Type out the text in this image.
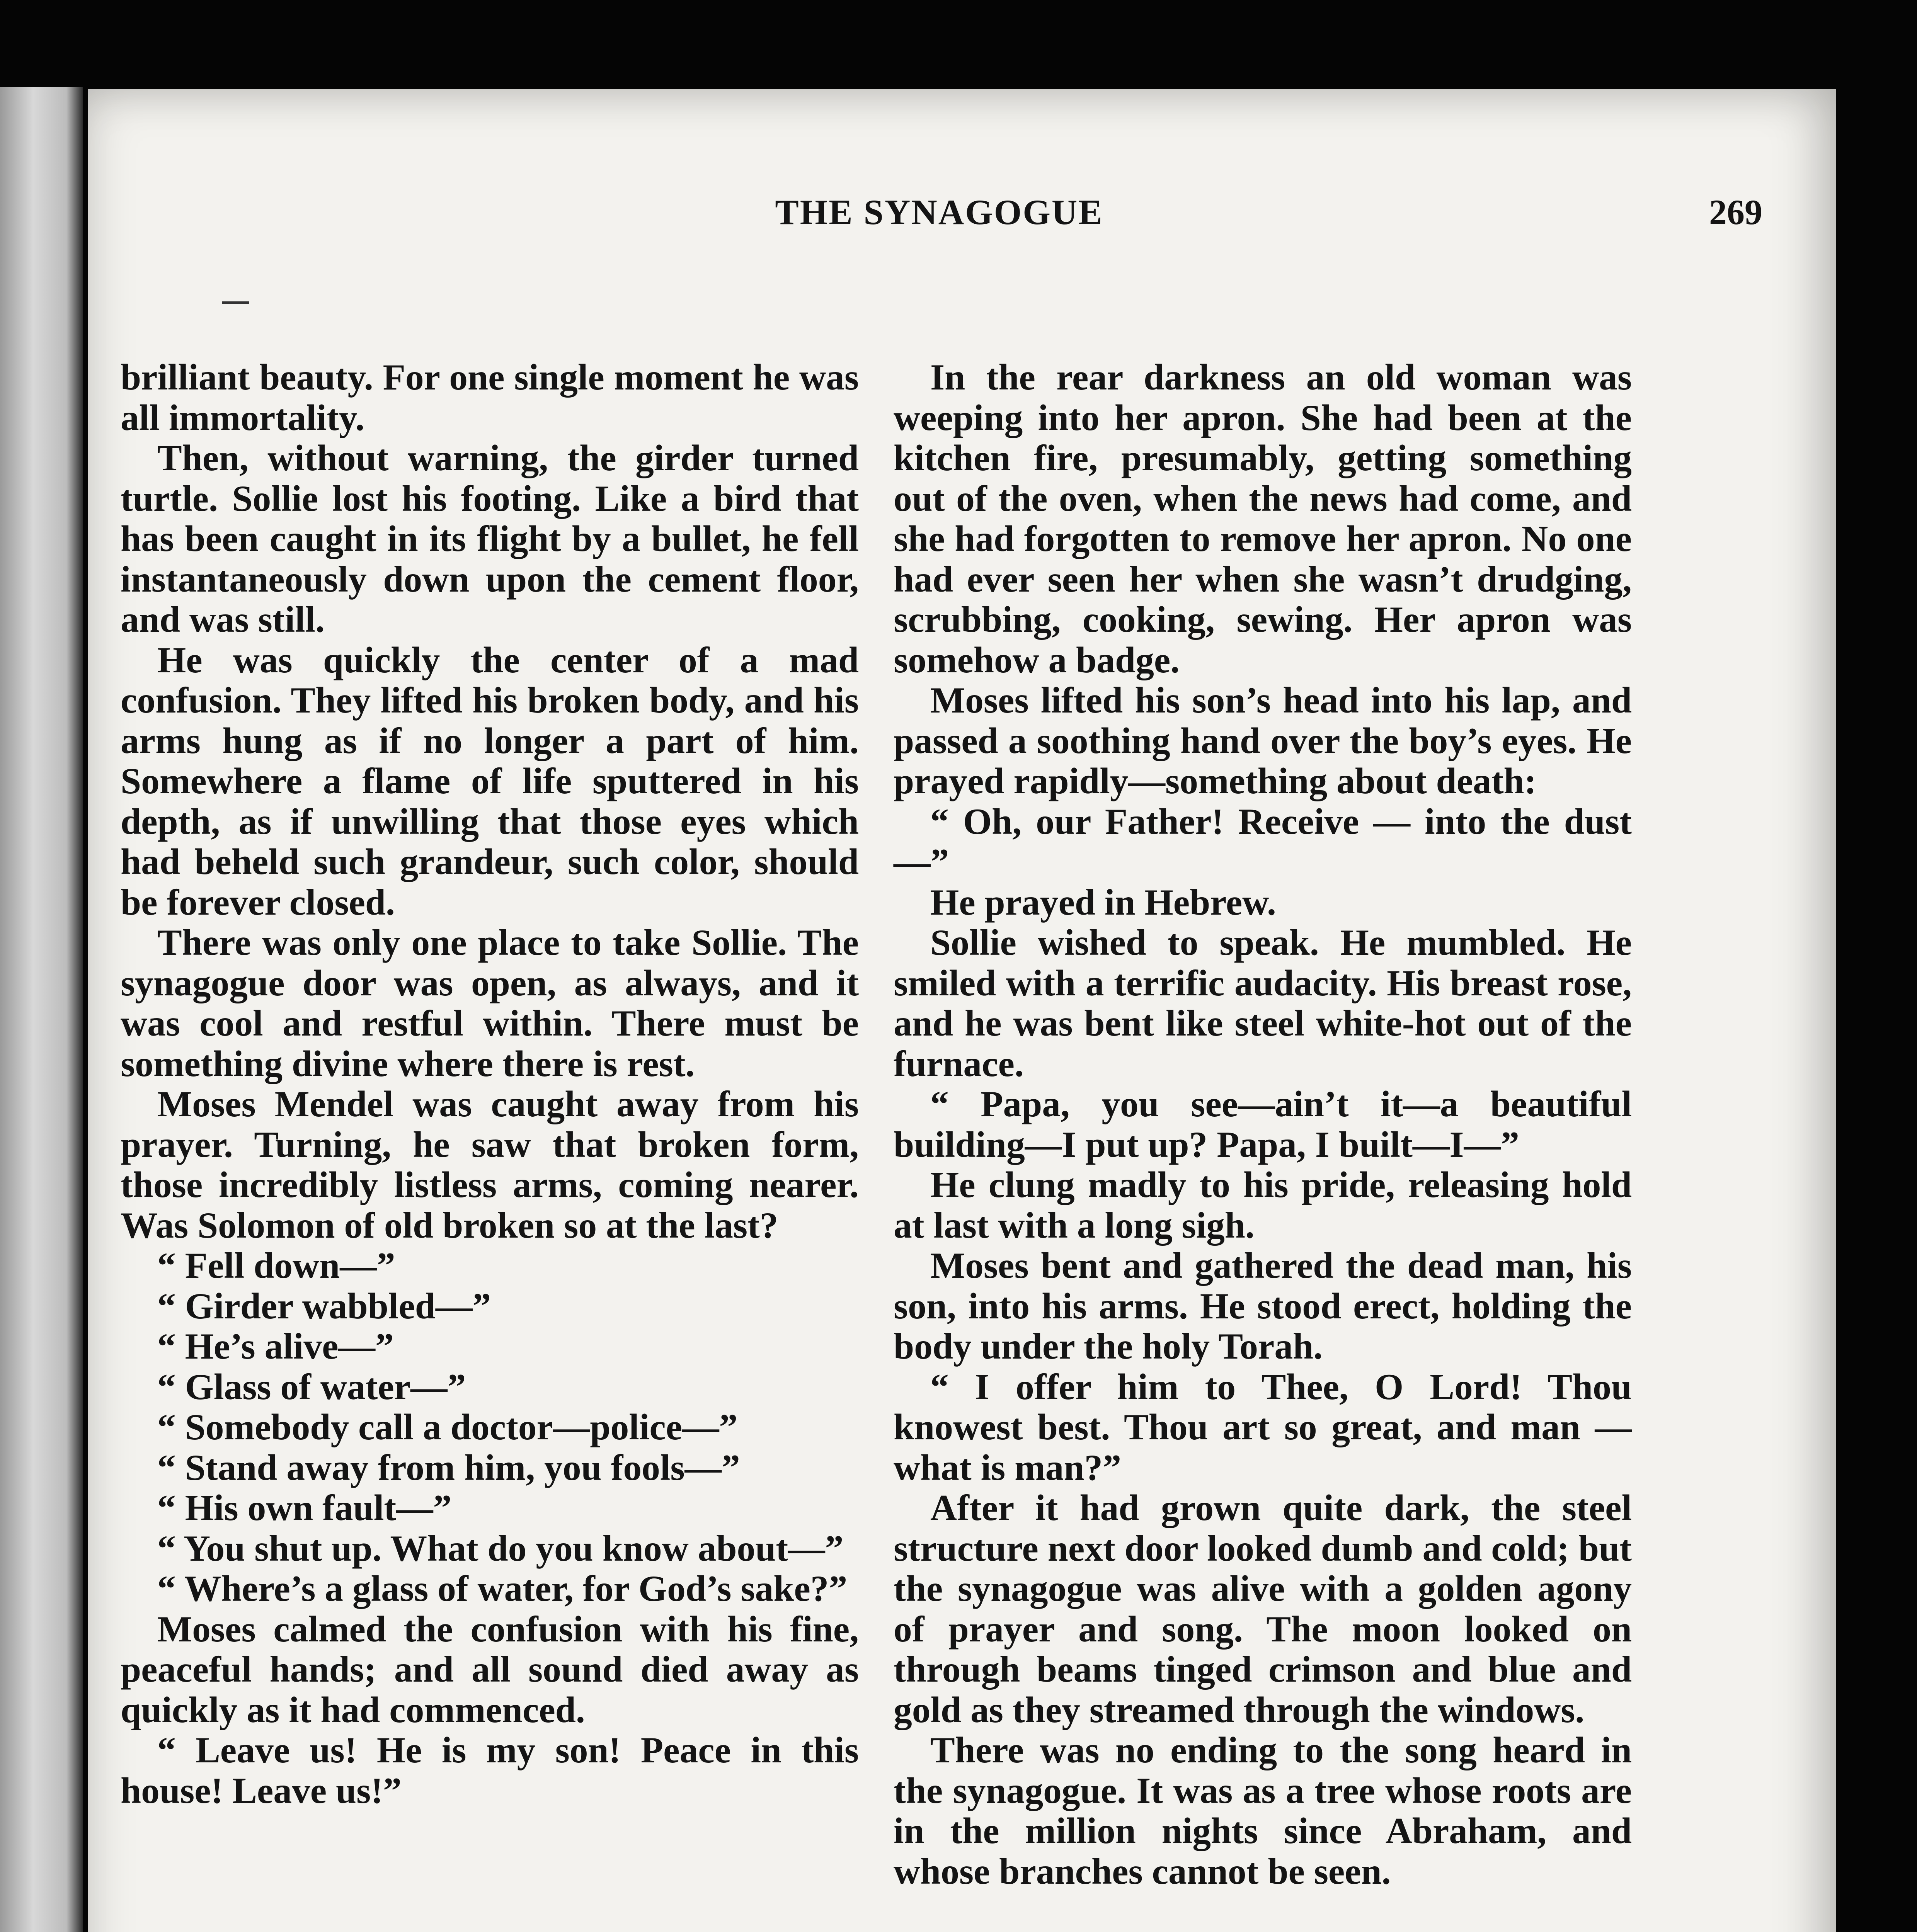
THE SYNAGOGUE	269

brilliant beauty. For one single moment he was all immortality.

Then, without warning, the girder turned turtle. Sollie lost his footing. Like a bird that has been caught in its flight by a bullet, he fell instantaneously down upon the cement floor, and was still.

He was quickly the center of a mad confusion. They lifted his broken body, and his arms hung as if no longer a part of him. Somewhere a flame of life sputtered in his depth, as if unwilling that those eyes which had beheld such grandeur, such color, should be forever closed.

There was only one place to take Sollie. The synagogue door was open, as always, and it was cool and restful within. There must be something divine where there is rest.

Moses Mendel was caught away from his prayer. Turning, he saw that broken form, those incredibly listless arms, coming nearer. Was Solomon of old broken so at the last?

“ Fell down—”

“ Girder wabbled—”

“ He’s alive—”

“ Glass of water—”

“ Somebody call a doctor—police—”

“ Stand away from him, you fools—”

“ His own fault—”

“ You shut up. What do you know about—”

“ Where’s a glass of water, for God’s sake?”

Moses calmed the confusion with his fine, peaceful hands; and all sound died away as quickly as it had commenced.

“ Leave us! He is my son! Peace in this house! Leave us!”

In the rear darkness an old woman was weeping into her apron. She had been at the kitchen fire, presumably, getting something out of the oven, when the news had come, and she had forgotten to remove her apron. No one had ever seen her when she wasn’t drudging, scrubbing, cooking, sewing. Her apron was somehow a badge.

Moses lifted his son’s head into his lap, and passed a soothing hand over the boy’s eyes. He prayed rapidly—something about death:

“ Oh, our Father! Receive — into the dust—”

He prayed in Hebrew.

Sollie wished to speak. He mumbled. He smiled with a terrific audacity. His breast rose, and he was bent like steel white-hot out of the furnace.

“ Papa, you see—ain’t it—a beautiful building—I put up? Papa, I built—I—”

He clung madly to his pride, releasing hold at last with a long sigh.

Moses bent and gathered the dead man, his son, into his arms. He stood erect, holding the body under the holy Torah.

“ I offer him to Thee, O Lord! Thou knowest best. Thou art so great, and man —what is man?”

After it had grown quite dark, the steel structure next door looked dumb and cold; but the synagogue was alive with a golden agony of prayer and song. The moon looked on through beams tinged crimson and blue and gold as they streamed through the windows.

There was no ending to the song heard in the synagogue. It was as a tree whose roots are in the million nights since Abraham, and whose branches cannot be seen.
